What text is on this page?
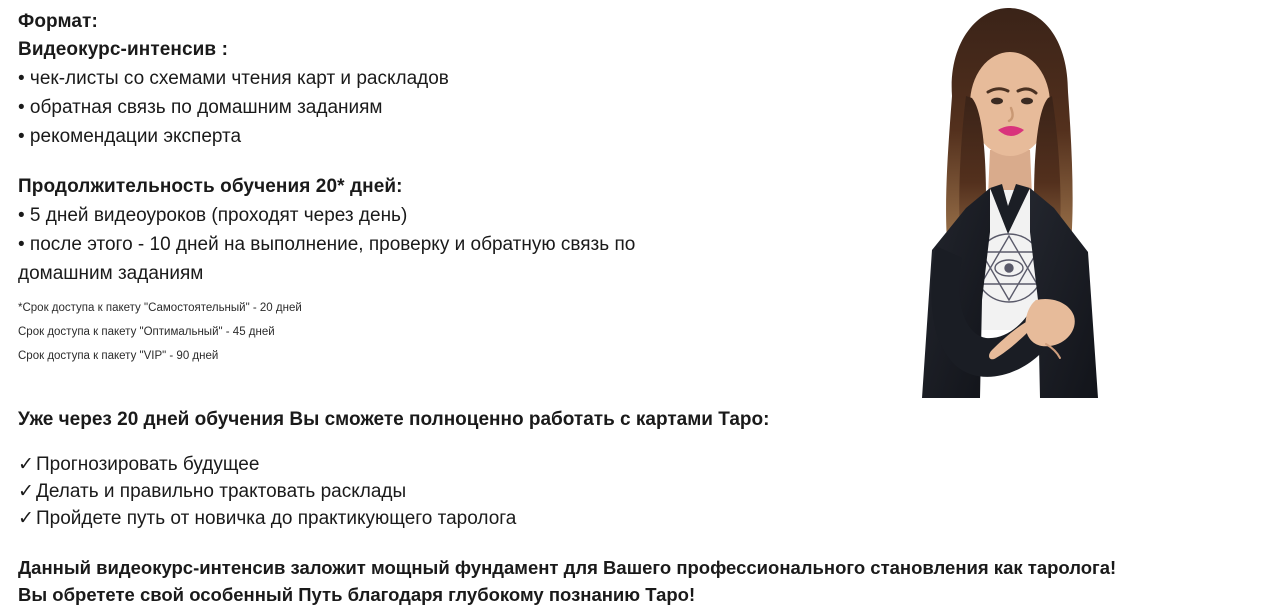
Формат:
Видеокурс-интенсив :
• чек-листы со схемами чтения карт и раскладов
• обратная связь по домашним заданиям
• рекомендации эксперта
Продолжительность обучения 20* дней:
• 5 дней видеоуроков (проходят через день)
• после этого - 10 дней на выполнение, проверку и обратную связь по
домашним заданиям
*Срок доступа к пакету "Самостоятельный" - 20 дней
Срок доступа к пакету "Оптимальный" - 45 дней
Срок доступа к пакету "VIP" - 90 дней
Уже через 20 дней обучения Вы сможете полноценно работать с картами Таро:
✓ Прогнозировать будущее
✓ Делать и правильно трактовать расклады
✓ Пройдете путь от новичка до практикующего таролога
Данный видеокурс-интенсив заложит мощный фундамент для Вашего профессионального становления как таролога!
Вы обретете свой особенный Путь благодаря глубокому познанию Таро!
